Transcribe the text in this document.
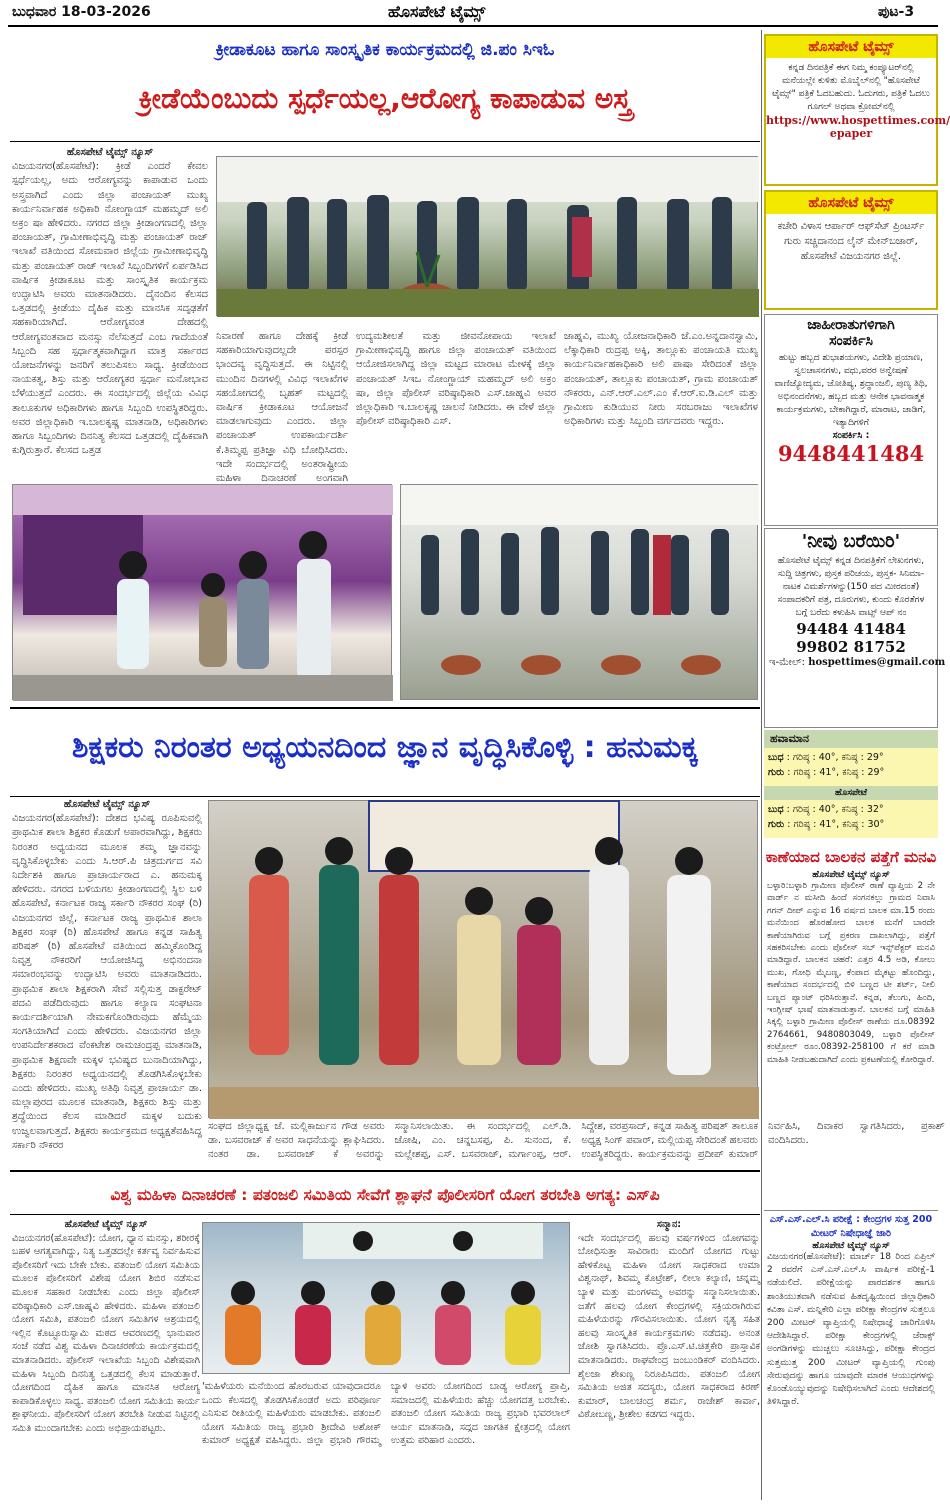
ಬುಧವಾರ 18-03-2026	ಹೊಸಪೇಟೆ ಟೈಮ್ಸ್	ಪುಟ-3
ಕ್ರೀಡಾಕೂಟ ಹಾಗೂ ಸಾಂಸ್ಕೃತಿಕ ಕಾರ್ಯಕ್ರಮದಲ್ಲಿ ಜಿ.ಪಂ ಸಿಇಓ
ಕ್ರೀಡೆಯೆಂಬುದು ಸ್ಪರ್ಧೆಯಲ್ಲ,ಆರೋಗ್ಯ ಕಾಪಾಡುವ ಅಸ್ತ್ರ
ಹೊಸಪೇಟೆ ಟೈಮ್ಸ್ ನ್ಯೂಸ್
ವಿಜಯನಗರ(ಹೊಸಪೇಟೆ): ಕ್ರೀಡೆ ಎಂದರೆ ಕೇವಲ ಸ್ಪರ್ಧೆಯಲ್ಲ, ಅದು ಆರೋಗ್ಯವನ್ನು ಕಾಪಾಡುವ ಒಂದು ಅಸ್ತ್ರವಾಗಿದೆ ಎಂದು ಜಿಲ್ಲಾ ಪಂಚಾಯತ್ ಮುಖ್ಯ ಕಾರ್ಯನಿರ್ವಾಹಕ ಅಧಿಕಾರಿ ನೋಂಗ್ಜಾಯ್ ಮಹಮ್ಮದ್ ಅಲಿ ಅಕ್ರಂ ಷಾ ಹೇಳಿದರು. ನಗರದ ಜಿಲ್ಲಾ ಕ್ರೀಡಾಂಗಣದಲ್ಲಿ ಜಿಲ್ಲಾ ಪಂಚಾಯತ್, ಗ್ರಾಮೀಣಾಭಿವೃದ್ಧಿ ಮತ್ಪು ಪಂಚಾಯತ್ ರಾಜ್ ಇಲಾಖೆ ವತಿಯಿಂದ ಸೋಮವಾರ ಜಿಲ್ಲೆಯ ಗ್ರಾಮೀಣಾಭಿವೃದ್ಧಿ ಮತ್ತು ಪಂಚಾಯತ್ ರಾಜ್ ಇಲಾಖೆ ಸಿಬ್ಬಂದಿಗಳಿಗೆ ಏರ್ಪಡಿಸಿದ ವಾರ್ಷಿಕ ಕ್ರೀಡಾಕೂಟ ಮತ್ತು ಸಾಂಸ್ಕೃತಿಕ ಕಾರ್ಯಕ್ರಮ ಉದ್ಘಾಟಿಸಿ ಅವರು ಮಾತನಾಡಿದರು. ದೈನಂದಿನ ಕೆಲಸದ ಒತ್ತಡದಲ್ಲಿ ಕ್ರೀಡೆಯು ದೈಹಿಕ ಮತ್ತು ಮಾನಸಿಕ ಸದೃಢತೆಗೆ ಸಹಕಾರಿಯಾಗಿದೆ. ಆರೋಗ್ಯವಂತ ದೇಹದಲ್ಲಿ ಆರೋಗ್ಯವಂತವಾದ ಮನಸ್ಸು ನೆಲೆಸುತ್ತದೆ ಎಂಬ ಗಾದೆಯಂತೆ ಸಿಬ್ಬಂದಿ ಸಹ ಸ್ಪರ್ಧಾತ್ಮಕವಾಗಿದ್ದಾಗ ಮಾತ್ರ ಸರ್ಕಾರದ ಯೋಜನೆಗಳನ್ನು ಜನರಿಗೆ ತಲುಪಿಸಲು ಸಾಧ್ಯ. ಕ್ರೀಡೆಯಿಂದ ನಾಯಕತ್ವ, ಶಿಸ್ತು ಮತ್ತು ಆರೋಗ್ಯಕರ ಸ್ಪರ್ಧಾ ಮನೋಭಾವ ಬೆಳೆಯುತ್ತದೆ ಎಂದರು. ಈ ಸಂದರ್ಭದಲ್ಲಿ ಜಿಲ್ಲೆಯ ವಿವಿಧ ತಾಲೂಕುಗಳ ಅಧಿಕಾರಿಗಳು ಹಾಗೂ ಸಿಬ್ಬಂದಿ ಉಪಸ್ಥಿತರಿದ್ದರು. ಅವರ ಜಿಲ್ಲಾಧಿಕಾರಿ ಇ.ಬಾಲಕೃಷ್ಣ ಮಾತನಾಡಿ, ಅಧಿಕಾರಿಗಳು ಹಾಗೂ ಸಿಬ್ಬಂದಿಗಳು ದಿನನಿತ್ಯ ಕೆಲಸದ ಒತ್ತಡದಲ್ಲಿ ದೈಹಿಕವಾಗಿ ಕುಗ್ಗಿರುತ್ತಾರೆ. ಕೆಲಸದ ಒತ್ತಡ
ನಿವಾರಣೆ ಹಾಗೂ ದೇಹಕ್ಕೆ ಕ್ರೀಡೆ ಸಹಕಾರಿಯಾಗುವುದಲ್ಲದೇ ಪರಸ್ಪರ ಭಾಂದವ್ಯ ವೃದ್ಧಿಸುತ್ತದೆ. ಈ ನಿಟ್ಟಿನಲ್ಲಿ ಮುಂದಿನ ದಿನಗಳಲ್ಲಿ ವಿವಿಧ ಇಲಾಖೆಗಳ ಸಹಯೋಗದಲ್ಲಿ ಬೃಹತ್ ಮಟ್ಟದಲ್ಲಿ ವಾರ್ಷಿಕ ಕ್ರೀಡಾಕೂಟ ಆಯೋಜನೆ ಮಾಡಲಾಗುವುದು ಎಂದರು. ಜಿಲ್ಲಾ ಪಂಚಾಯತ್ ಉಪಕಾರ್ಯದರ್ಶಿ ಕೆ.ತಿಮ್ಮಪ್ಪ ಪ್ರತಿಜ್ಞಾ ವಿಧಿ ಬೋಧಿಸಿದರು. ಇದೇ ಸಂದರ್ಭದಲ್ಲಿ ಅಂತರಾಷ್ಟ್ರೀಯ ಮಹಿಳಾ ದಿನಾಚರಣೆ ಅಂಗವಾಗಿ
ಉದ್ಯಮಶೀಲತೆ ಮತ್ತು ಜೀವನೋಪಾಯ ಇಲಾಖೆ ಗ್ರಾಮೀಣಾಭಿವೃದ್ಧಿ ಹಾಗೂ ಜಿಲ್ಲಾ ಪಂಚಾಯತ್ ವತಿಯಿಂದ ಆಯೋಜಿಸಲಾಗಿದ್ದ ಜಿಲ್ಲಾ ಮಟ್ಟದ ಮಾರಾಟ ಮೇಳಕ್ಕೆ ಜಿಲ್ಲಾ ಪಂಚಾಯತ್ ಸಿಇಒ ನೋಂಗ್ಜಾಯ್ ಮಹಮ್ಮದ್ ಅಲಿ ಅಕ್ರಂ ಷಾ, ಜಿಲ್ಲಾ ಪೊಲೀಸ್ ವರಿಷ್ಠಾಧಿಕಾರಿ ಎಸ್.ಜಾಹ್ನವಿ ಅವರ ಜಿಲ್ಲಾಧಿಕಾರಿ ಇ.ಬಾಲಕೃಷ್ಣ ಚಾಲನೆ ನೀಡಿದರು. ಈ ವೇಳೆ ಜಿಲ್ಲಾ ಪೊಲೀಸ್ ವರಿಷ್ಠಾಧಿಕಾರಿ ಎಸ್.
ಜಾಹ್ನವಿ, ಮುಖ್ಯ ಯೋಜನಾಧಿಕಾರಿ ಜೆ.ಎಂ.ಅನ್ನದಾನಸ್ವಾಮಿ, ಲೆಕ್ಕಾಧಿಕಾರಿ ರುದ್ರಪ್ಪ ಅಕ್ಕಿ, ತಾಲ್ಲೂಕು ಪಂಚಾಯತಿ ಮುಖ್ಯ ಕಾರ್ಯನಿರ್ವಾಹಕಾಧಿಕಾರಿ ಅಲಿ ಪಾಷಾ ಸೇರಿದಂತೆ ಜಿಲ್ಲಾ ಪಂಚಾಯತ್, ತಾಲ್ಲೂಕು ಪಂಚಾಯತ್, ಗ್ರಾಮ ಪಂಚಾಯತ್ ನೌಕರರು, ಎನ್.ಆರ್.ಎಲ್.ಎಂ ಕೆ.ಆರ್.ಐ.ಡಿ.ಎಲ್ ಮತ್ತು ಗ್ರಾಮೀಣ ಕುಡಿಯುವ ನೀರು ಸರಬರಾಜು ಇಲಾಖೆಗಳ ಅಧಿಕಾರಿಗಳು ಮತ್ತು ಸಿಬ್ಬಂದಿ ವರ್ಗದವರು ಇದ್ದರು.
ಶಿಕ್ಷಕರು ನಿರಂತರ ಅಧ್ಯಯನದಿಂದ ಜ್ಞಾನ ವೃದ್ಧಿಸಿಕೊಳ್ಳಿ : ಹನುಮಕ್ಕ
ಹೊಸಪೇಟೆ ಟೈಮ್ಸ್ ನ್ಯೂಸ್
ವಿಜಯನಗರ(ಹೊಸಪೇಟೆ): ದೇಶದ ಭವಿಷ್ಯ ರೂಪಿಸುವಲ್ಲಿ ಪ್ರಾಥಮಿಕ ಶಾಲಾ ಶಿಕ್ಷಕರ ಕೊಡುಗೆ ಅಪಾರವಾಗಿದ್ದು, ಶಿಕ್ಷಕರು ನಿರಂತರ ಅಧ್ಯಯನದ ಮೂಲಕ ತಮ್ಮ ಜ್ಞಾನವನ್ನು ವೃದ್ಧಿಸಿಕೊಳ್ಳಬೇಕು ಎಂದು ಸಿ.ಆರ್.ಪಿ ಚಿತ್ರದುರ್ಗದ ಸವಿ ನಿರ್ದೇಶಕಿ ಹಾಗೂ ಪ್ರಾಚಾರ್ಯರಾದ ಎ. ಹನುಮಕ್ಕ ಹೇಳಿದರು. ನಗರದ ಬಳಿಯಗಲ ಕ್ರೀಡಾಂಗಣದಲ್ಲಿ ಸ್ಥಿಲ ಬಳಿ ಹೊಸಪೇಟೆ, ಕರ್ನಾಟಕ ರಾಜ್ಯ ಸರ್ಕಾರಿ ನೌಕರರ ಸಂಘ (ರಿ) ವಿಜಯನಗರ ಜಿಲ್ಲೆ, ಕರ್ನಾಟಕ ರಾಜ್ಯ ಪ್ರಾಥಮಿಕ ಶಾಲಾ ಶಿಕ್ಷಕರ ಸಂಘ (ರಿ) ಹೊಸಪೇಟೆ ಹಾಗೂ ಕನ್ನಡ ಸಾಹಿತ್ಯ ಪರಿಷತ್ (ರಿ) ಹೊಸಪೇಟೆ ವತಿಯಿಂದ ಹಮ್ಮಿಕೊಂಡಿದ್ದ ನಿವೃತ್ತ ನೌಕರರಿಗೆ ಆಯೋಜಿಸಿದ್ದ ಅಭಿನಂದನಾ ಸಮಾರಂಭವನ್ನು ಉದ್ಘಾಟಿಸಿ ಅವರು ಮಾತನಾಡಿದರು. ಪ್ರಾಥಮಿಕ ಶಾಲಾ ಶಿಕ್ಷಕರಾಗಿ ಸೇವೆ ಸಲ್ಲಿಸುತ್ತ ಡಾಕ್ಟರೇಟ್ ಪದವಿ ಪಡೆದಿರುವುದು ಹಾಗೂ ಕಲ್ಯಾಣ ಸಂಘಟನಾ ಕಾರ್ಯದರ್ಶಿಯಾಗಿ ನೇಮಕಗೊಂಡಿರುವುದು ಹೆಮ್ಮೆಯ ಸಂಗತಿಯಾಗಿದೆ ಎಂದು ಹೇಳಿದರು. ವಿಜಯನಗರ ಜಿಲ್ಲಾ ಉಪನಿರ್ದೇಶಕರಾದ ವೆಂಕಟೇಶ ರಾಮಚಂದ್ರಪ್ಪ ಮಾತನಾಡಿ, ಪ್ರಾಥಮಿಕ ಶಿಕ್ಷಣವೇ ಮಕ್ಕಳ ಭವಿಷ್ಯದ ಬುನಾದಿಯಾಗಿದ್ದು, ಶಿಕ್ಷಕರು ನಿರಂತರ ಅಧ್ಯಯನದಲ್ಲಿ ತೊಡಗಿಸಿಕೊಳ್ಳಬೇಕು ಎಂದು ಹೇಳಿದರು. ಮುಖ್ಯ ಅತಿಥಿ ನಿವೃತ್ತ ಪ್ರಾಚಾರ್ಯ ಡಾ. ಮಲ್ಲಾಪುರದ ಮೂಲಕ ಮಾತನಾಡಿ, ಶಿಕ್ಷಕರು ಶಿಸ್ತು ಮತ್ತು ಶ್ರದ್ಧೆಯಿಂದ ಕೆಲಸ ಮಾಡಿದರೆ ಮಕ್ಕಳ ಬದುಕು ಉಜ್ವಲವಾಗುತ್ತದೆ. ಶಿಕ್ಷಕರು ಕಾರ್ಯಕ್ರಮದ ಅಧ್ಯಕ್ಷತೆವಹಿಸಿದ್ದ ಸರ್ಕಾರಿ ನೌಕರರ
ಸಂಘದ ಜಿಲ್ಲಾಧ್ಯಕ್ಷ ಜೆ. ಮಲ್ಲಿಕಾರ್ಜುನ ಗೌಡ ಅವರು ಡಾ. ಬಸವರಾಜ್ ಕೆ ಅವರ ಸಾಧನೆಯನ್ನು ಶ್ಲಾಘಿಸಿದರು. ನಂತರ ಡಾ. ಬಸವರಾಜ್ ಕೆ ಅವರನ್ನು ಸನ್ಮಾನಿಸಲಾಯಿತು. ಈ ಸಂದರ್ಭದಲ್ಲಿ ಎಲ್.ಡಿ. ಜೋಷಿ, ಎಂ. ಚನ್ನಬಸಪ್ಪ, ಪಿ. ಸುನಂದ, ಕೆ. ಮಲ್ಲೇಶಪ್ಪ, ಎಸ್. ಬಸವರಾಜ್, ಮರ್ಗಾಂಪ್ಪ, ಆರ್. ಸಿದ್ದೇಶ, ವರಪ್ರಸಾದ್, ಕನ್ನಡ ಸಾಹಿತ್ಯ ಪರಿಷತ್ ತಾಲೂಕ ಅಧ್ಯಕ್ಷ ಸಿಂಗ್ ಪವಾರ್, ಮಲ್ಲಿಯಪ್ಪ ಸೇರಿದಂತೆ ಹಲವರು ಉಪಸ್ಥಿತರಿದ್ದರು. ಕಾರ್ಯಕ್ರಮವನ್ನು ಪ್ರದೀಪ್ ಕುಮಾರ್ ನಿರ್ವಹಿಸಿ, ದಿವಾಕರ ಸ್ವಾಗತಿಸಿದರು, ಪ್ರಕಾಶ್ ವಂದಿಸಿದರು.
ವಿಶ್ವ ಮಹಿಳಾ ದಿನಾಚರಣೆ : ಪತಂಜಲಿ ಸಮಿತಿಯ ಸೇವೆಗೆ ಶ್ಲಾಘನೆ ಪೊಲೀಸರಿಗೆ ಯೋಗ ತರಬೇತಿ ಅಗತ್ಯ: ಎಸ್‌ಪಿ
ಹೊಸಪೇಟೆ ಟೈಮ್ಸ್ ನ್ಯೂಸ್
ವಿಜಯನಗರ(ಹೊಸಪೇಟೆ): ಯೋಗ, ಧ್ಯಾನ ಮನಸ್ಸು, ಶರೀರಕ್ಕೆ ಬಹಳ ಆಗತ್ಯವಾಗಿದ್ದು, ನಿತ್ಯ ಒತ್ತಡದಲ್ಲೇ ಕರ್ತವ್ಯ ನಿರ್ವಹಿಸುವ ಪೊಲೀಸರಿಗೆ ಇದು ಬೇಕೇ ಬೇಕು. ಪತಂಜಲಿ ಯೋಗ ಸಮಿತಿಯ ಮೂಲಕ ಪೊಲೀಸರಿಗೆ ವಿಶೇಷ ಯೋಗ ಶಿಬಿರ ನಡೆಸುವ ಮೂಲಕ ಸಹಕಾರ ನೀಡಬೇಕು ಎಂದು ಜಿಲ್ಲಾ ಪೊಲೀಸ್ ವರಿಷ್ಠಾಧಿಕಾರಿ ಎಸ್.ಜಾಹ್ನವಿ ಹೇಳಿದರು. ಮಹಿಳಾ ಪತಂಜಲಿ ಯೋಗ ಸಮಿತಿ, ಪತಂಜಲಿ ಯೋಗ ಸಮಿತಿಗಳ ಆಶ್ರಯದಲ್ಲಿ ಇಲ್ಲಿನ ಕೊಟ್ಟೂರುಸ್ವಾಮಿ ಮಠದ ಆವರಣದಲ್ಲಿ ಭಾನುವಾರ ಸಂಜೆ ನಡೆದ ವಿಶ್ವ ಮಹಿಳಾ ದಿನಾಚರಣೆಯ ಕಾರ್ಯಕ್ರಮದಲ್ಲಿ ಮಾತನಾಡಿದರು. ಪೊಲೀಸ್ ಇಲಾಖೆಯ ಸಿಬ್ಬಂದಿ ವಿಶೇಷವಾಗಿ ಮಹಿಳಾ ಸಿಬ್ಬಂದಿ ದಿನನಿತ್ಯ ಒತ್ತಡದಲ್ಲಿ ಕೆಲಸ ಮಾಡುತ್ತಾರೆ. ಯೋಗದಿಂದ ದೈಹಿಕ ಹಾಗೂ ಮಾನಸಿಕ ಆರೋಗ್ಯ ಕಾಪಾಡಿಕೊಳ್ಳಲು ಸಾಧ್ಯ. ಪತಂಜಲಿ ಯೋಗ ಸಮಿತಿಯ ಕಾರ್ಯ ಶ್ಲಾಘನೀಯ. ಪೊಲೀಸರಿಗೆ ಯೋಗ ತರಬೇತಿ ನೀಡುವ ನಿಟ್ಟಿನಲ್ಲಿ ಸಮಿತಿ ಮುಂದಾಗಬೇಕು ಎಂದು ಅಭಿಪ್ರಾಯಪಟ್ಟರು.
'ಮಹಿಳೆಯರು ಮನೆಯಿಂದ ಹೊರಬರುವ ಯಾವುದಾದರೂ ಒಂದು ಕೆಲಸದಲ್ಲಿ ತೊಡಗಿಸಿಕೊಂಡರೆ ಅದು ಪರಿಪೂರ್ಣ ಎನಿಸುವ ರೀತಿಯಲ್ಲಿ ಮಹಿಳೆಯರು ಮಾಡಬೇಕು. ಪತಂಜಲಿ ಯೋಗ ಸಮಿತಿಯ ರಾಜ್ಯ ಪ್ರಭಾರಿ ಶ್ರೀದೇವಿ ಅಶೋಕ್ ಕುಮಾರ್ ಅಧ್ಯಕ್ಷತೆ ವಹಿಸಿದ್ದರು. ಜಿಲ್ಲಾ ಪ್ರಭಾರಿ ಗೌರಮ್ಮ ಬ್ಯಾಳಿ ಅವರು ಯೋಗದಿಂದ ಬಾಡ್ಯ ಆರೋಗ್ಯ ಪ್ರಾಪ್ತಿ, ಸಮಾಜದಲ್ಲಿ ಮಹಿಳೆಯರು ಹೆಚ್ಚು ಯೋಗದತ್ತ ಬರಬೇಕು. ಪತಂಜಲಿ ಯೋಗ ಸಮಿತಿಯ ರಾಜ್ಯ ಪ್ರಭಾರಿ ಭವರಲಾಲ್ ಆರ್ಯ ಮಾತನಾಡಿ, ಸದ್ಗದ ಜಾಗತಿಕ ಕ್ಷೇತ್ರದಲ್ಲಿ ಯೋಗ ಉತ್ತಮ ಪರಿಹಾರ ಎಂದರು.
ಸನ್ಮಾನ:
ಇದೇ ಸಂದರ್ಭದಲ್ಲಿ ಹಲವು ವರ್ಷಗಳಿಂದ ಯೋಗವನ್ನು ಬೋಧಿಸುತ್ತಾ ಸಾವಿರಾರು ಮಂದಿಗೆ ಯೋಗದ ಗುಟ್ಟು ಹೇಳಿಕೊಟ್ಟ ಮಹಿಳಾ ಯೋಗ ಸಾಧಕರಾದ ಉಮಾ ವಿಶ್ವನಾಥ್, ಶಿವಮ್ಮ ಕೊಟ್ರೇಶ್, ಲೀಲಾ ಕಲ್ಯಾಣಿ, ಚನ್ನಮ್ಮ ಬ್ಯಾಳಿ ಮತ್ತು ಮಂಗಳಮ್ಮ ಅವರನ್ನು ಸನ್ಮಾನಿಸಲಾಯಿತು. ಜತೆಗೆ ಹಲವು ಯೋಗ ಕೇಂದ್ರಗಳಲ್ಲಿ ಸಕ್ರಿಯರಾಗಿರುವ ಮಹಿಳೆಯರನ್ನು ಗೌರವಿಸಲಾಯಿತು. ಯೋಗ ನೃತ್ಯ ಸಹಿತ ಹಲವು ಸಾಂಸ್ಕೃತಿಕ ಕಾರ್ಯಕ್ರಮಗಳು ನಡೆದವು. ಅನಂತ ಜೋಶಿ ಸ್ವಾಗತಿಸಿದರು. ಪ್ರೊ.ಎಸ್.ಟಿ.ಚಿತ್ತಕೇರಿ ಪ್ರಾಸ್ತಾವಿಕ ಮಾತನಾಡಿದರು. ರಾಘವೇಂದ್ರ ಜಂಬುಂಡಿಕರ್ ವಂದಿಸಿದರು. ಶೈಲಜಾ ಶೇಖಣ್ಣ ನಿರೂಪಿಸಿದರು. ಪತಂಜಲಿ ಯೋಗ ಸಮಿತಿಯ ಅಜಿತ ಸದಸ್ಯರು, ಯೋಗ ಸಾಧಕರಾದ ಕಿರಣ್ ಕುಮಾರ್, ಬಾಲಚಂದ್ರ ಶರ್ಮ, ರಾಜೇಶ್ ಕಾರ್ವಾ, ವಿಠೋಬಣ್ಣ, ಶ್ರೀಶೇಲ ಕಡಗದ ಇದ್ದರು.
ಹೊಸಪೇಟೆ ಟೈಮ್ಸ್
ಕನ್ನಡ ದಿನಪತ್ರಿಕೆ ಈಗ ನಿಮ್ಮ ಕಂಪ್ಯೂಟರ್‌ನಲ್ಲಿ ಮನೆಯಲ್ಲೇ ಕುಳಿತು ಮೊಬೈಲ್‌ನಲ್ಲಿ "ಹೊಸಪೇಟೆ ಟೈಮ್ಸ್" ಪತ್ರಿಕೆ ಓದಬಹುದು. ಓದುಗರು, ಪತ್ರಿಕೆ ಓದಲು ಗೂಗಲ್ ಅಥವಾ ಕ್ರೋಮ್‌ನಲ್ಲಿ
https://www.hospettimes.com/
epaper
ಹೊಸಪೇಟೆ ಟೈಮ್ಸ್
ಕಚೇರಿ ವಿಳಾಸ ಆರ್ಪಾರ್ ಆಫ್‌ಸೆಟ್ ಪ್ರಿಂಟರ್ಸ್ ಗುರು ಸಚ್ಚಿದಾನಂದ ಲೈನ್ ಮೇನ್‌ಬಜಾರ್, ಹೊಸಪೇಟೆ ವಿಜಯನಗರ ಜಿಲ್ಲೆ.
ಜಾಹೀರಾತುಗಳಿಗಾಗಿ
ಸಂಪರ್ಕಿಸಿ
ಹುಟ್ಟು ಹಬ್ಬದ ಶುಭಾಶಯಗಳು, ವಿದೇಶಿ ಪ್ರಯಾಣ, ಸ್ವಲಚಾಸನಗಳು, ವಧು,ವರರ ಅನ್ವೇಷಣೆ ವಾಣಿಜ್ಯೋದ್ಯಮ, ಜೋತಿಷ್ಯ, ಶ್ರದ್ಧಾಂಜಲಿ, ಪುಣ್ಯ ತಿಥಿ, ಅಭಿನಂದನೆಗಳು, ಹಬ್ಬದ ಮತ್ತು ಆನೇಕ ಭಾವನಾತ್ಮಕ ಕಾರ್ಯಕ್ರಮಗಳು, ಬೇಕಾಗಿದ್ದಾರೆ, ಮಾರಾಟ, ಜಾಡಿಗೆ, ಇತ್ಯಾದಿಗಳಿಗೆ
ಸಂಪರ್ಕಿಸಿ :
9448441484
'ನೀವು ಬರೆಯಿರಿ'
ಹೊಸಪೇಟೆ ಟೈಮ್ಸ್ ಕನ್ನಡ ದಿನಪತ್ರಿಕೆಗೆ ಲೇಖನಗಳು, ಸುದ್ದಿ ಚಿತ್ರಗಳು, ಪುಸ್ತಕ ಪರಿಚಯ, ಪುಸ್ತಕ- ಸಿನಿಮಾ-ನಾಟಕ ವಿಮರ್ಶೆಗಳನ್ನು(150 ಪದ ಮೀರದಂತೆ) ಸಂಪಾದಕರಿಗೆ ಪತ್ರ, ದೂರುಗಳು, ಕುಂದು ಕೊರತೆಗಳ ಬಗ್ಗೆ ಬರೆದು ಕಳುಹಿಸಿ ವಾಟ್ಸ್ ಆಪ್ ನಂ
94484 41484
99802 81752
ಇ-ಮೇಲ್: hospettimes@gmail.com
ಹವಾಮಾನ
ಬುಧ : ಗರಿಷ್ಠ : 40°, ಕನಿಷ್ಠ : 29°
ಗುರು : ಗರಿಷ್ಠ : 41°, ಕನಿಷ್ಠ : 29°
ಹೊಸಪೇಟೆ
ಬುಧ : ಗರಿಷ್ಠ : 40°, ಕನಿಷ್ಠ : 32°
ಗುರು : ಗರಿಷ್ಠ : 41°, ಕನಿಷ್ಠ : 30°
ಕಾಣೆಯಾದ ಬಾಲಕನ ಪತ್ತೆಗೆ ಮನವಿ
ಹೊಸಪೇಟೆ ಟೈಮ್ಸ್ ನ್ಯೂಸ್
ಬಳ್ಳಾರಿ:ಬಳ್ಳಾರಿ ಗ್ರಾಮೀಣ ಪೊಲೀಸ್ ಠಾಣೆ ವ್ಯಾಪ್ತಿಯ 2 ನೇ ವಾರ್ಡ್ ನ ಮಸೀದಿ ಹಿಂದೆ ಸಂಗನಕಲ್ಲು ಗ್ರಾಮದ ನಿವಾಸಿ ಗಗನ್ ದೀಪ್ ಎನ್ನುವ 16 ವರ್ಷದ ಬಾಲಕ ಮಾ.15 ರಂದು ಮನೆಯಿಂದ ಹೊರಹೋದ ಬಾಲಕ ಮನೆಗೆ ಬಾರದೇ ಕಾಣೆಯಾಗಿರುವ ಬಗ್ಗೆ ಪ್ರಕರಣ ದಾಖಲಾಗಿದ್ದು, ಪತ್ತೆಗೆ ಸಹಕರಿಸಬೇಕು ಎಂದು ಪೊಲೀಸ್ ಸಬ್ ಇನ್ಸ್‌ಪೆಕ್ಟರ್ ಮನವಿ ಮಾಡಿದ್ದಾರೆ. ಬಾಲಕನ ಚಹರೆ: ಎತ್ತರ 4.5 ಅಡಿ, ಕೋಲು ಮುಖ, ಗೋಧಿ ಮೈಬಣ್ಣ, ಕೆಂಪಾದ ಮೈಕಟ್ಟು ಹೊಂದಿದ್ದು, ಕಾಣೆಯಾದ ಸಂದರ್ಭದಲ್ಲಿ ಬಿಳಿ ಬಣ್ಣದ ಟೀ ಶರ್ಟ್, ನೀಲಿ ಬಣ್ಣದ ಪ್ಯಾಂಟ್ ಧರಿಸಿರುತ್ತಾನೆ. ಕನ್ನಡ, ತೆಲುಗು, ಹಿಂದಿ, ಇಂಗ್ಲೀಷ್ ಭಾಷೆ ಮಾತನಾಡುತ್ತಾನೆ. ಬಾಲಕನ ಬಗ್ಗೆ ಮಾಹಿತಿ ಸಿಕ್ಕಲ್ಲಿ ಬಳ್ಳಾರಿ ಗ್ರಾಮೀಣ ಪೊಲೀಸ್ ಠಾಣೆಯ ದೂ.08392 2764661, 9480803049, ಬಳ್ಳಾರಿ ಪೊಲೀಸ್ ಕಂಟ್ರೋಲ್ ರೂಂ.08392-258100 ಗೆ ಕರೆ ಮಾಡಿ ಮಾಹಿತಿ ನೀಡಬಹುದಾಗಿದೆ ಎಂದು ಪ್ರಕಟಣೆಯಲ್ಲಿ ಕೋರಿದ್ದಾರೆ.
ಎಸ್.ಎಸ್.ಎಲ್.ಸಿ ಪರೀಕ್ಷೆ : ಕೇಂದ್ರಗಳ ಸುತ್ತ 200 ಮೀಟರ್ ನಿಷೇಧಾಜ್ಞೆ ಜಾರಿ
ಹೊಸಪೇಟೆ ಟೈಮ್ಸ್ ನ್ಯೂಸ್
ವಿಜಯನಗರ(ಹೊಸಪೇಟೆ): ಮಾರ್ಚ್ 18 ರಿಂದ ಏಪ್ರಿಲ್ 2 ರವರೆಗೆ ಎಸ್.ಎಸ್.ಎಲ್.ಸಿ ವಾರ್ಷಿಕ ಪರೀಕ್ಷೆ-1 ನಡೆಯಲಿದೆ. ಪರೀಕ್ಷೆಯನ್ನು ಪಾರದರ್ಶಕ ಹಾಗೂ ಶಾಂತಿಯುತವಾಗಿ ನಡೆಸುವ ಹಿತದೃಷ್ಟಿಯಿಂದ ಜಿಲ್ಲಾಧಿಕಾರಿ ಕವಿತಾ ಎಸ್. ಮನ್ನಿಕೇರಿ ಎಲ್ಲಾ ಪರೀಕ್ಷಾ ಕೇಂದ್ರಗಳ ಸುತ್ತಲೂ 200 ಮೀಟರ್ ವ್ಯಾಪ್ತಿಯಲ್ಲಿ ನಿಷೇಧಾಜ್ಞೆ ಜಾರಿಗೊಳಿಸಿ ಆದೇಶಿಸಿದ್ದಾರೆ. ಪರೀಕ್ಷಾ ಕೇಂದ್ರಗಳಲ್ಲಿ ಜೆರಾಕ್ಸ್ ಅಂಗಡಿಗಳನ್ನು ಮುಚ್ಚಲು ಸೂಚಿಸಿದ್ದು, ಪರೀಕ್ಷಾ ಕೇಂದ್ರದ ಸುತ್ತಮುತ್ತ 200 ಮೀಟರ್ ವ್ಯಾಪ್ತಿಯಲ್ಲಿ ಗುಂಪು ಸೇರುವುದನ್ನು ಹಾಗೂ ಯಾವುದೇ ಮಾರಕ ಆಯುಧಗಳನ್ನು ಕೊಂಡೊಯ್ಯುವುದನ್ನು ನಿಷೇಧಿಸಲಾಗಿದೆ ಎಂದು ಆದೇಶದಲ್ಲಿ ತಿಳಿಸಿದ್ದಾರೆ.
